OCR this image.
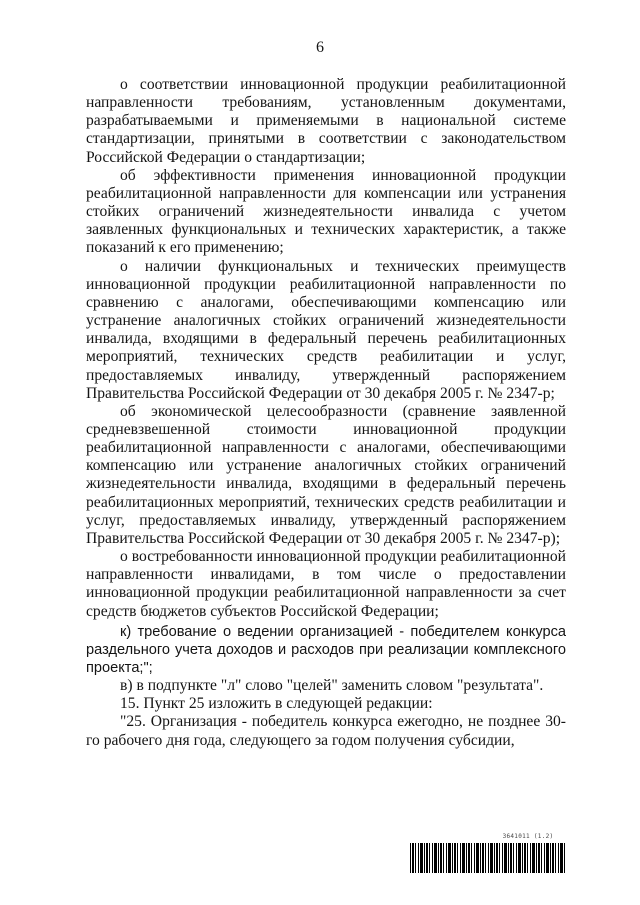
6

о соответствии инновационной продукции реабилитационной направленности требованиям, установленным документами, разрабатываемыми и применяемыми в национальной системе стандартизации, принятыми в соответствии с законодательством Российской Федерации о стандартизации;

об эффективности применения инновационной продукции реабилитационной направленности для компенсации или устранения стойких ограничений жизнедеятельности инвалида с учетом заявленных функциональных и технических характеристик, а также показаний к его применению;

о наличии функциональных и технических преимуществ инновационной продукции реабилитационной направленности по сравнению с аналогами, обеспечивающими компенсацию или устранение аналогичных стойких ограничений жизнедеятельности инвалида, входящими в федеральный перечень реабилитационных мероприятий, технических средств реабилитации и услуг, предоставляемых инвалиду, утвержденный распоряжением Правительства Российской Федерации от 30 декабря 2005 г. № 2347-р;

об экономической целесообразности (сравнение заявленной средневзвешенной стоимости инновационной продукции реабилитационной направленности с аналогами, обеспечивающими компенсацию или устранение аналогичных стойких ограничений жизнедеятельности инвалида, входящими в федеральный перечень реабилитационных мероприятий, технических средств реабилитации и услуг, предоставляемых инвалиду, утвержденный распоряжением Правительства Российской Федерации от 30 декабря 2005 г. № 2347-р);

о востребованности инновационной продукции реабилитационной направленности инвалидами, в том числе о предоставлении инновационной продукции реабилитационной направленности за счет средств бюджетов субъектов Российской Федерации;

к) требование о ведении организацией - победителем конкурса раздельного учета доходов и расходов при реализации комплексного проекта;";

в) в подпункте "л" слово "целей" заменить словом "результата".

15. Пункт 25 изложить в следующей редакции:

"25. Организация - победитель конкурса ежегодно, не позднее 30-го рабочего дня года, следующего за годом получения субсидии,

3641011 (1.2)
